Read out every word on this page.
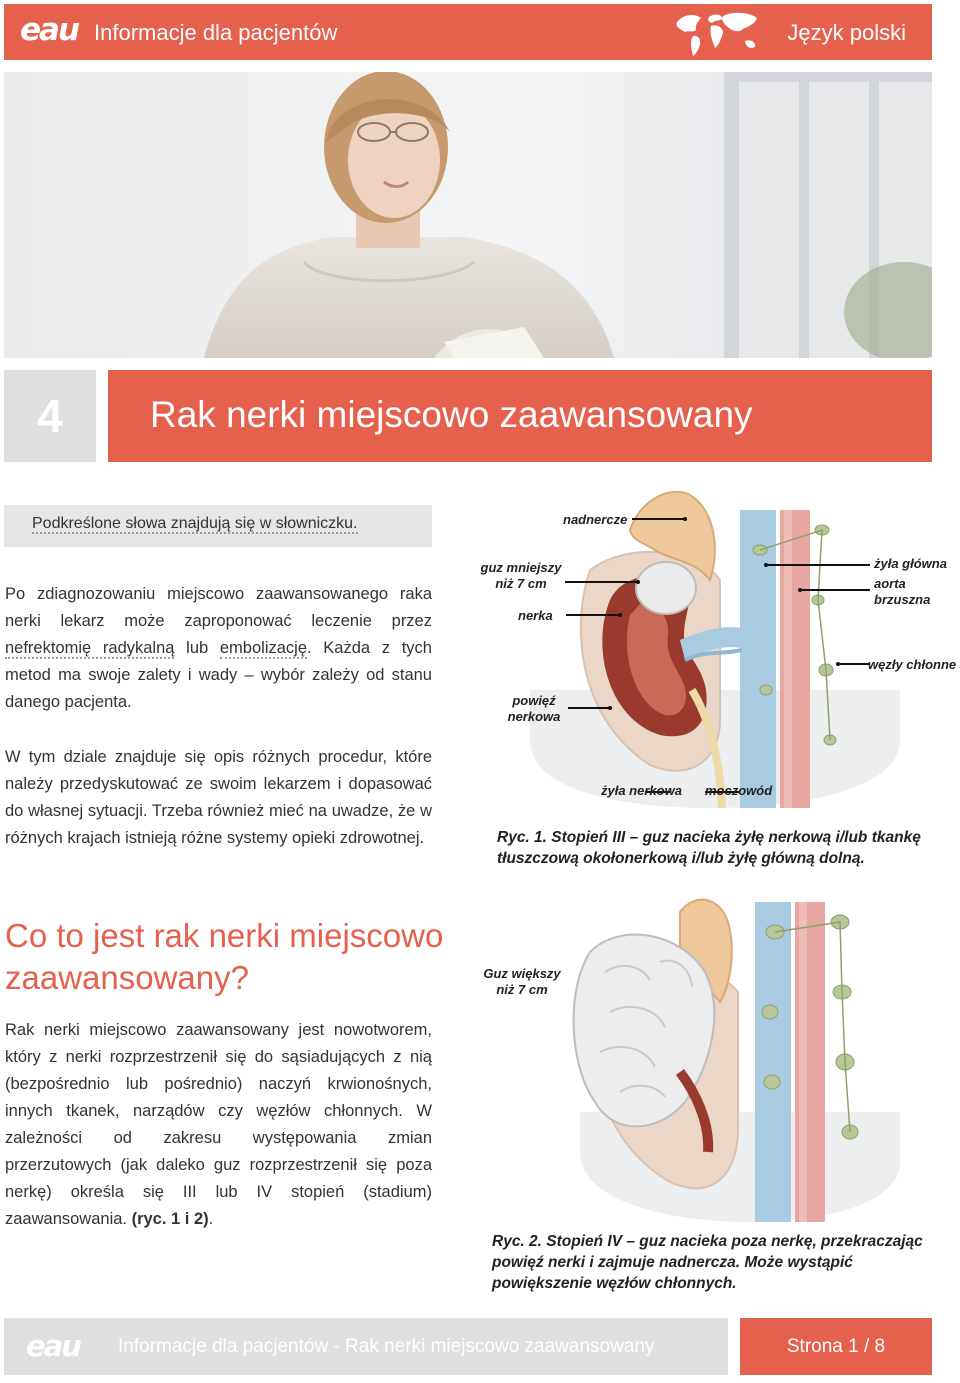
eau Informacje dla pacjentów	Język polski
4	Rak nerki miejscowo zaawansowany
Podkreślone słowa znajdują się w słowniczku.

Po zdiagnozowaniu miejscowo zaawansowanego raka nerki lekarz może zaproponować leczenie przez nefrektomię radykalną lub embolizację. Każda z tych metod ma swoje zalety i wady – wybór zależy od stanu danego pacjenta.

W tym dziale znajduje się opis różnych procedur, które należy przedyskutować ze swoim lekarzem i dopasować do własnej sytuacji. Trzeba również mieć na uwadze, że w różnych krajach istnieją różne systemy opieki zdrowotnej.

Co to jest rak nerki miejscowo zaawansowany?

Rak nerki miejscowo zaawansowany jest nowotworem, który z nerki rozprzestrzenił się do sąsiadujących z nią (bezpośrednio lub pośrednio) naczyń krwionośnych, innych tkanek, narządów czy węzłów chłonnych. W zależności od zakresu występowania zmian przerzutowych (jak daleko guz rozprzestrzenił się poza nerkę) określa się III lub IV stopień (stadium) zaawansowania. (ryc. 1 i 2).

nadnercze
guz mniejszy niż 7 cm
nerka
powięź nerkowa
żyła główna
aorta brzuszna
węzły chłonne
żyła nerkowa moczowód

Ryc. 1. Stopień III – guz nacieka żyłę nerkową i/lub tkankę tłuszczową okołonerkową i/lub żyłę główną dolną.

Guz większy niż 7 cm

Ryc. 2. Stopień IV – guz nacieka poza nerkę, przekraczając powięź nerki i zajmuje nadnercza. Może wystąpić powiększenie węzłów chłonnych.

eau Informacje dla pacjentów - Rak nerki miejscowo zaawansowany	Strona 1 / 8
